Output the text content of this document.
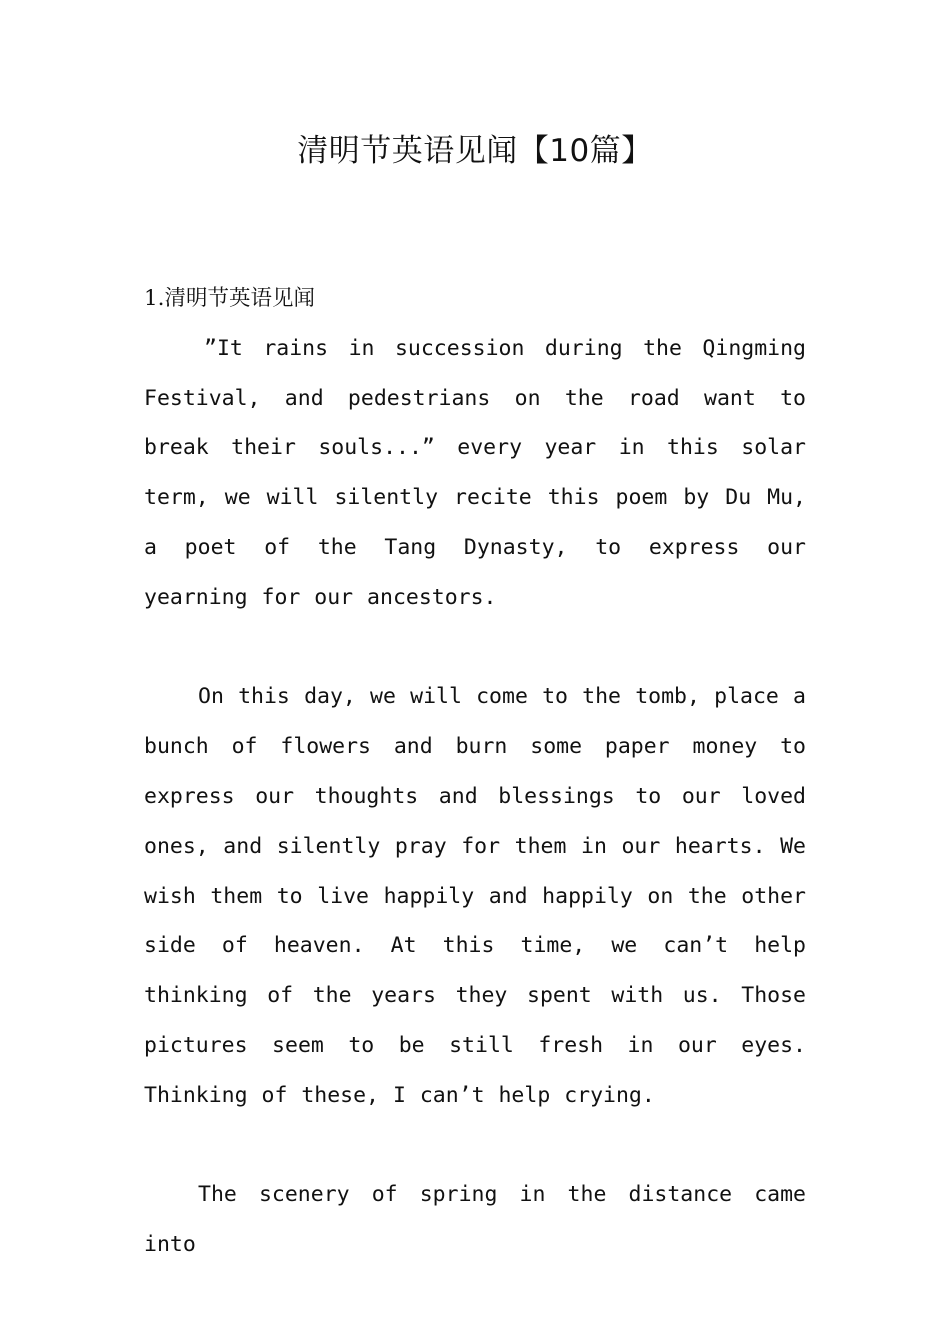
清明节英语见闻【10篇】
1.清明节英语见闻

”It rains in succession during the Qingming Festival, and pedestrians on the road want to break their souls...” every year in this solar term, we will silently recite this poem by Du Mu, a poet of the Tang Dynasty, to express our yearning for our ancestors.

On this day, we will come to the tomb, place a bunch of flowers and burn some paper money to express our thoughts and blessings to our loved ones, and silently pray for them in our hearts. We wish them to live happily and happily on the other side of heaven. At this time, we can’t help thinking of the years they spent with us. Those pictures seem to be still fresh in our eyes. Thinking of these, I can’t help crying.

The scenery of spring in the distance came into
